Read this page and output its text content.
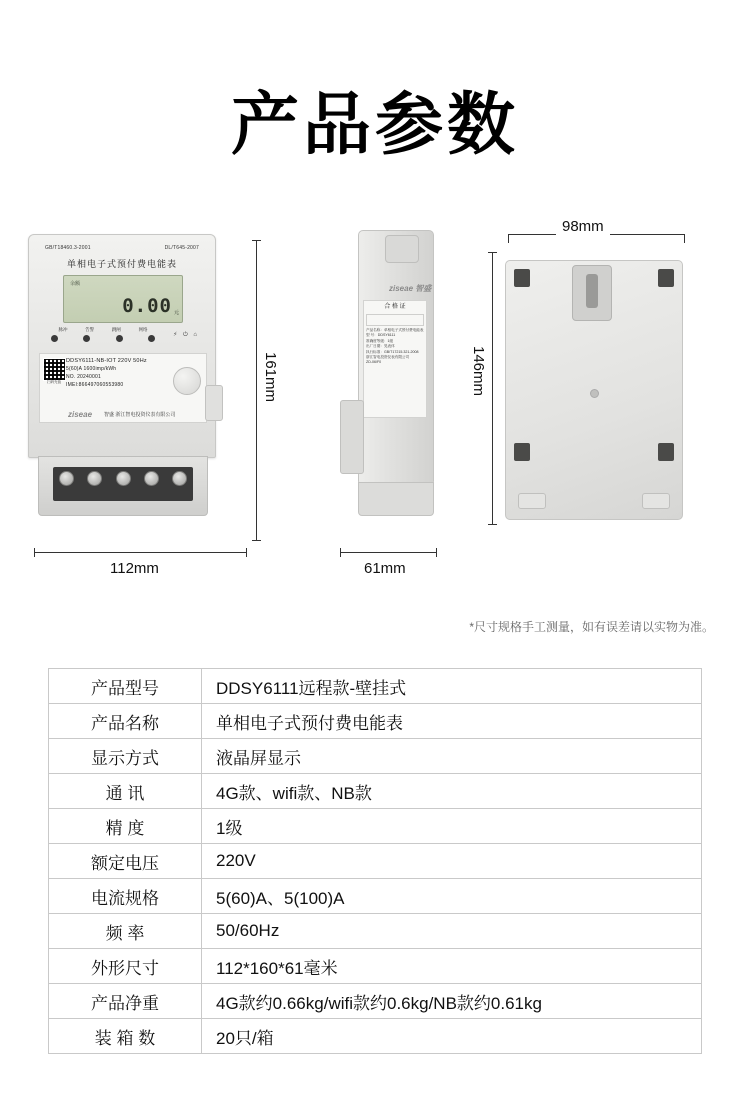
产品参数
GB/T18460.3-2001	DL/T645-2007
单相电子式预付费电能表
余额
0.00 元
脉冲	告警	跳闸	网络
⚡ ⏻ ⌂
扫码充值
DDSY6111-NB-IOT 220V 50Hz
5(60)A 1600imp/kWh
NO. 20240001
IMEI:866497060553980
ziseae 智盛 浙江智电投资仪表有限公司
161mm
112mm
ziseae 智盛
合 格 证
产品名称：单相电子式预付费电能表
型 号：DDSY6111
准确度等级：1级
出厂日期：见表体
执行标准：GB/T17215.321-2008
浙江智电投资仪表有限公司
ZD-06/F0
61mm
98mm
146mm
*尺寸规格手工测量，如有误差请以实物为准。
产品型号	DDSY6111远程款-壁挂式
产品名称	单相电子式预付费电能表
显示方式	液晶屏显示
通 讯	4G款、wifi款、NB款
精 度	1级
额定电压	220V
电流规格	5(60)A、5(100)A
频 率	50/60Hz
外形尺寸	112*160*61毫米
产品净重	4G款约0.66kg/wifi款约0.6kg/NB款约0.61kg
装 箱 数	20只/箱
